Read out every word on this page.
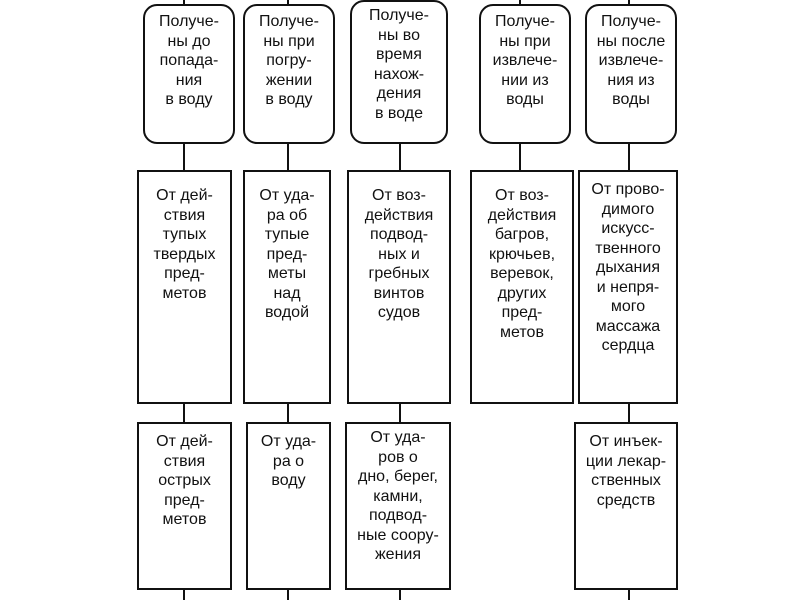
Получе-
ны до
попада-
ния
в воду
Получе-
ны при
погру-
жении
в воду
Получе-
ны во
время
нахож-
дения
в воде
Получе-
ны при
извлече-
нии из
воды
Получе-
ны после
извлече-
ния из
воды
От дей-
ствия
тупых
твердых
пред-
метов
От уда-
ра об
тупые
пред-
меты
над
водой
От воз-
действия
подвод-
ных и
гребных
винтов
судов
От воз-
действия
багров,
крючьев,
веревок,
других
пред-
метов
От прово-
димого
искусс-
твенного
дыхания
и непря-
мого
массажа
сердца
От дей-
ствия
острых
пред-
метов
От уда-
ра о
воду
От уда-
ров о
дно, берег,
камни,
подвод-
ные соору-
жения
От инъек-
ции лекар-
ственных
средств
